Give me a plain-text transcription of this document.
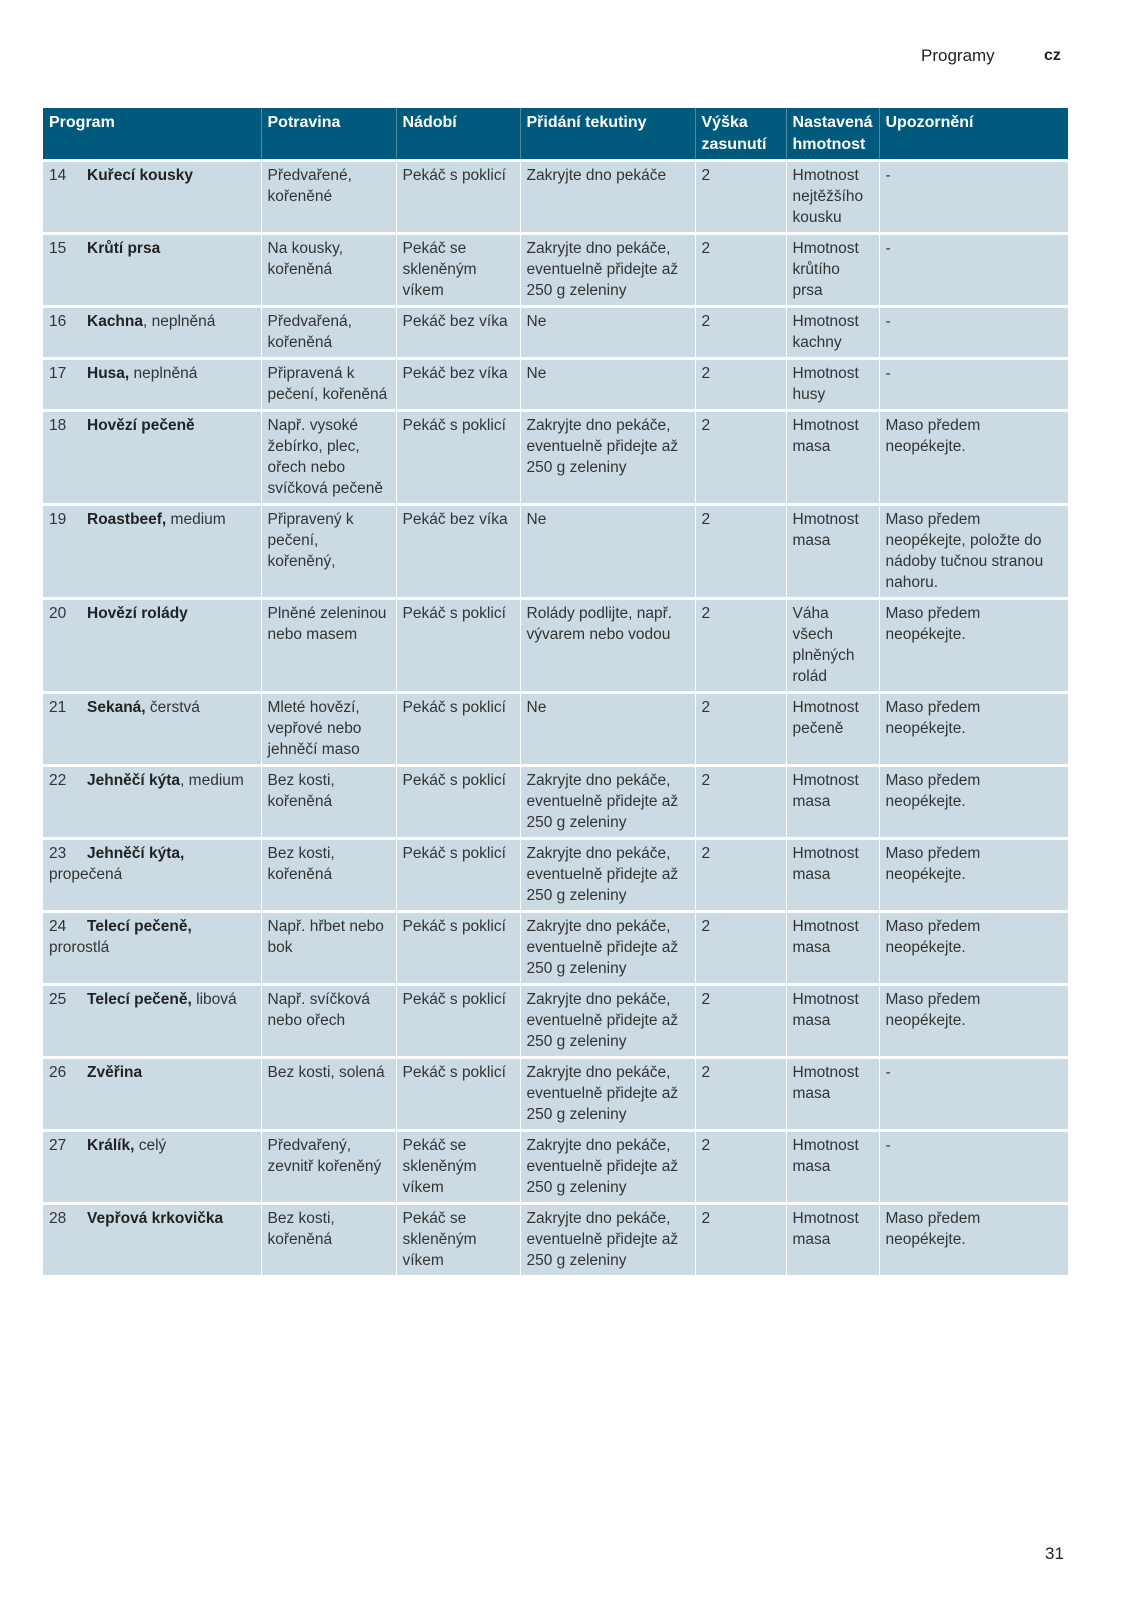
Programy	cz
Program	Potravina	Nádobí	Přidání tekutiny	Výška zasunutí	Nastavená hmotnost	Upozornění
14 Kuřecí kousky	Předvařené, kořeněné	Pekáč s poklicí	Zakryjte dno pekáče	2	Hmotnost nejtěžšího kousku	-
15 Krůtí prsa	Na kousky, kořeněná	Pekáč se skleněným víkem	Zakryjte dno pekáče, eventuelně přidejte až 250 g zeleniny	2	Hmotnost krůtího prsa	-
16 Kachna, neplněná	Předvařená, kořeněná	Pekáč bez víka	Ne	2	Hmotnost kachny	-
17 Husa, neplněná	Připravená k pečení, kořeněná	Pekáč bez víka	Ne	2	Hmotnost husy	-
18 Hovězí pečeně	Např. vysoké žebírko, plec, ořech nebo svíčková pečeně	Pekáč s poklicí	Zakryjte dno pekáče, eventuelně přidejte až 250 g zeleniny	2	Hmotnost masa	Maso předem neopékejte.
19 Roastbeef, medium	Připravený k pečení, kořeněný,	Pekáč bez víka	Ne	2	Hmotnost masa	Maso předem neopékejte, položte do nádoby tučnou stranou nahoru.
20 Hovězí rolády	Plněné zeleninou nebo masem	Pekáč s poklicí	Rolády podlijte, např. vývarem nebo vodou	2	Váha všech plněných rolád	Maso předem neopékejte.
21 Sekaná, čerstvá	Mleté hovězí, vepřové nebo jehněčí maso	Pekáč s poklicí	Ne	2	Hmotnost pečeně	Maso předem neopékejte.
22 Jehněčí kýta, medium	Bez kosti, kořeněná	Pekáč s poklicí	Zakryjte dno pekáče, eventuelně přidejte až 250 g zeleniny	2	Hmotnost masa	Maso předem neopékejte.
23 Jehněčí kýta, propečená	Bez kosti, kořeněná	Pekáč s poklicí	Zakryjte dno pekáče, eventuelně přidejte až 250 g zeleniny	2	Hmotnost masa	Maso předem neopékejte.
24 Telecí pečeně, prorostlá	Např. hřbet nebo bok	Pekáč s poklicí	Zakryjte dno pekáče, eventuelně přidejte až 250 g zeleniny	2	Hmotnost masa	Maso předem neopékejte.
25 Telecí pečeně, libová	Např. svíčková nebo ořech	Pekáč s poklicí	Zakryjte dno pekáče, eventuelně přidejte až 250 g zeleniny	2	Hmotnost masa	Maso předem neopékejte.
26 Zvěřina	Bez kosti, solená	Pekáč s poklicí	Zakryjte dno pekáče, eventuelně přidejte až 250 g zeleniny	2	Hmotnost masa	-
27 Králík, celý	Předvařený, zevnitř kořeněný	Pekáč se skleněným víkem	Zakryjte dno pekáče, eventuelně přidejte až 250 g zeleniny	2	Hmotnost masa	-
28 Vepřová krkovička	Bez kosti, kořeněná	Pekáč se skleněným víkem	Zakryjte dno pekáče, eventuelně přidejte až 250 g zeleniny	2	Hmotnost masa	Maso předem neopékejte.
31
